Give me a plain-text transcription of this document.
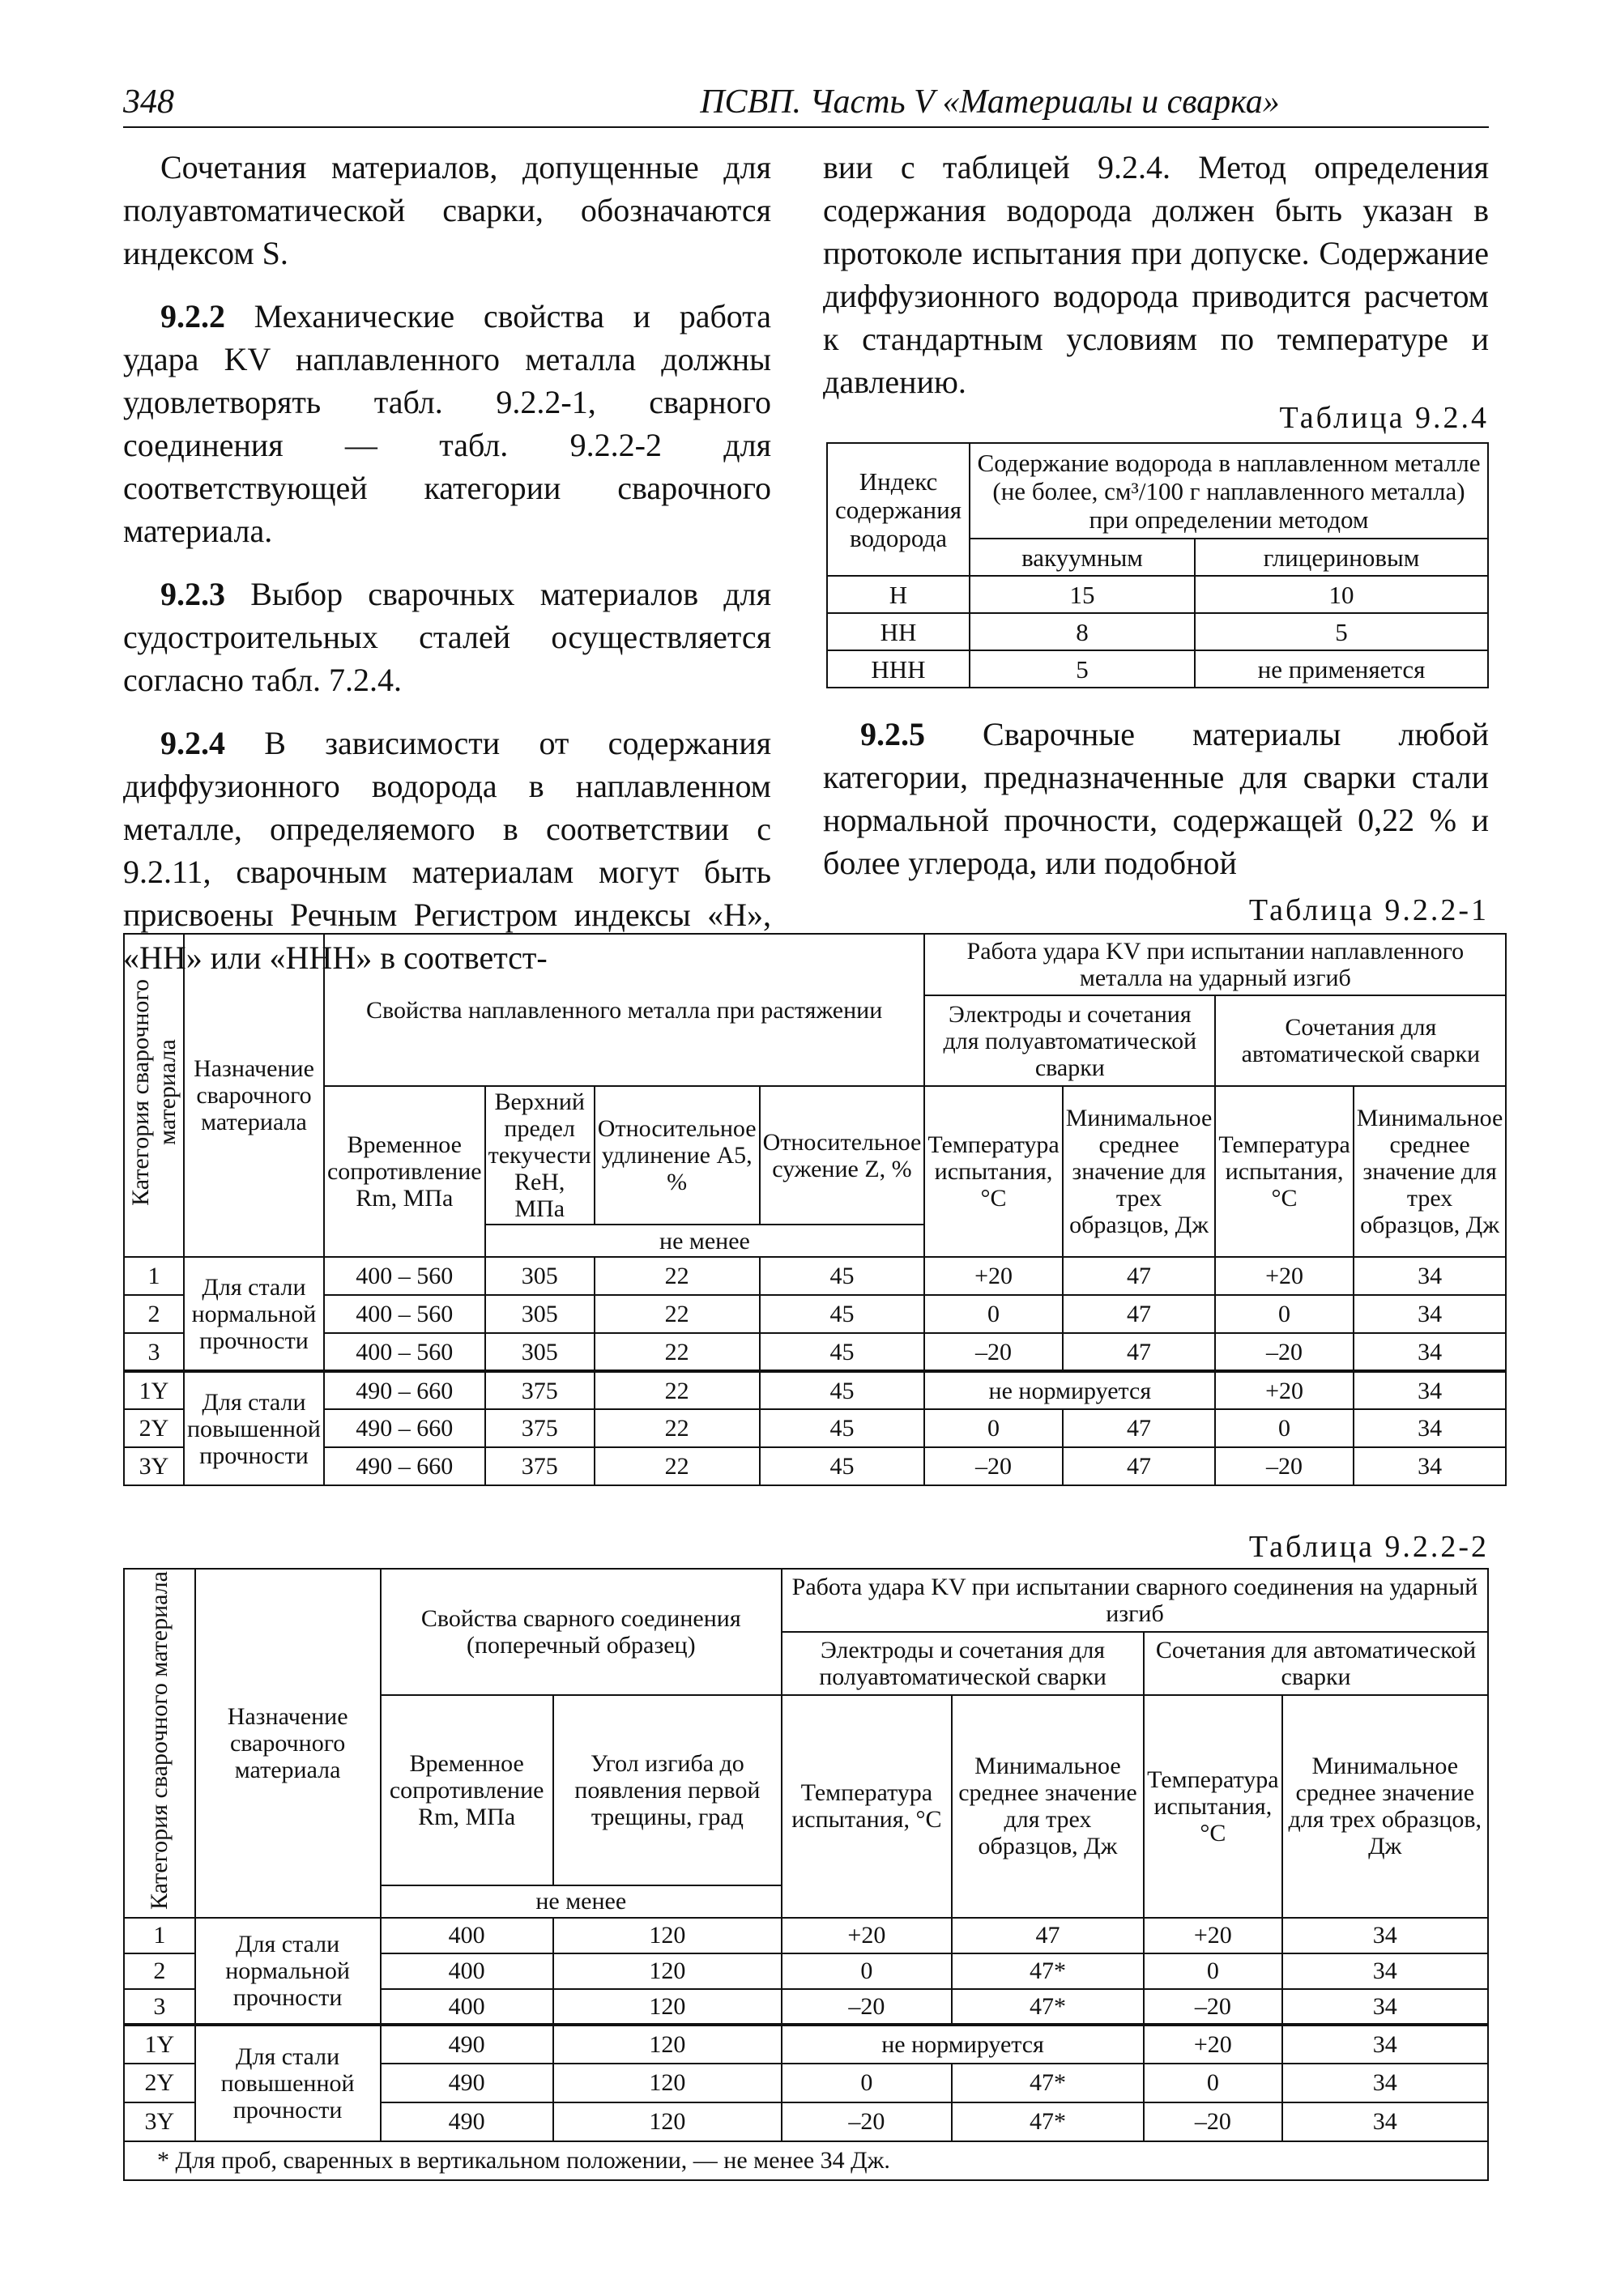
348	ПСВП. Часть V «Материалы и сварка»

Сочетания материалов, допущенные для полуавтоматической сварки, обозначаются индексом S.

9.2.2 Механические свойства и работа удара KV наплавленного металла должны удовлетворять табл. 9.2.2-1, сварного соединения — табл. 9.2.2-2 для соответствующей категории сварочного материала.

9.2.3 Выбор сварочных материалов для судостроительных сталей осуществляется согласно табл. 7.2.4.

9.2.4 В зависимости от содержания диффузионного водорода в наплавленном металле, определяемого в соответствии с 9.2.11, сварочным материалам могут быть присвоены Речным Регистром индексы «Н», «НН» или «ННН» в соответст-

вии с таблицей 9.2.4. Метод определения содержания водорода должен быть указан в протоколе испытания при допуске. Содержание диффузионного водорода приводится расчетом к стандартным условиям по температуре и давлению.

Таблица 9.2.4
Индекс содержания водорода	Содержание водорода в наплавленном металле (не более, см³/100 г наплавленного металла) при определении методом	
	вакуумным	глицериновым
Н	15	10
НН	8	5
ННН	5	не применяется

9.2.5 Сварочные материалы любой категории, предназначенные для сварки стали нормальной прочности, содержащей 0,22 % и более углерода, или подобной

Таблица 9.2.2-1
Категория сварочного
материала	Назначение сварочного материала	Свойства наплавленного металла при растяжении				Работа удара KV при испытании наплавленного металла на ударный изгиб			
						Электроды и сочетания для полуавтоматической сварки		Сочетания для автоматической сварки	
		Временное сопротивление Rm, МПа	Верхний предел текучести ReH, МПа	Относительное удлинение A5, %	Относительное сужение Z, %	Температура испытания, °C	Минимальное среднее значение для трех образцов, Дж	Температура испытания, °C	Минимальное среднее значение для трех образцов, Дж
			не менее						
1	Для стали нормальной прочности	400 – 560	305	22	45	+20	47	+20	34
2		400 – 560	305	22	45	0	47	0	34
3		400 – 560	305	22	45	–20	47	–20	34
1Y	Для стали повышенной прочности	490 – 660	375	22	45	не нормируется		+20	34
2Y		490 – 660	375	22	45	0	47	0	34
3Y		490 – 660	375	22	45	–20	47	–20	34
Таблица 9.2.2-2
Категория сварочного материала	Назначение сварочного материала	Свойства сварного соединения (поперечный образец)		Работа удара KV при испытании сварного соединения на ударный изгиб			
				Электроды и сочетания для полуавтоматической сварки		Сочетания для автоматической сварки	
		Временное сопротивление Rm, МПа	Угол изгиба до появления первой трещины, град	Температура испытания, °C	Минимальное среднее значение для трех образцов, Дж	Температура испытания, °C	Минимальное среднее значение для трех образцов, Дж
		не менее					
1	Для стали нормальной прочности	400	120	+20	47	+20	34
2		400	120	0	47*	0	34
3		400	120	–20	47*	–20	34
1Y	Для стали повышенной прочности	490	120	не нормируется		+20	34
2Y		490	120	0	47*	0	34
3Y		490	120	–20	47*	–20	34
* Для проб, сваренных в вертикальном положении, — не менее 34 Дж.							
